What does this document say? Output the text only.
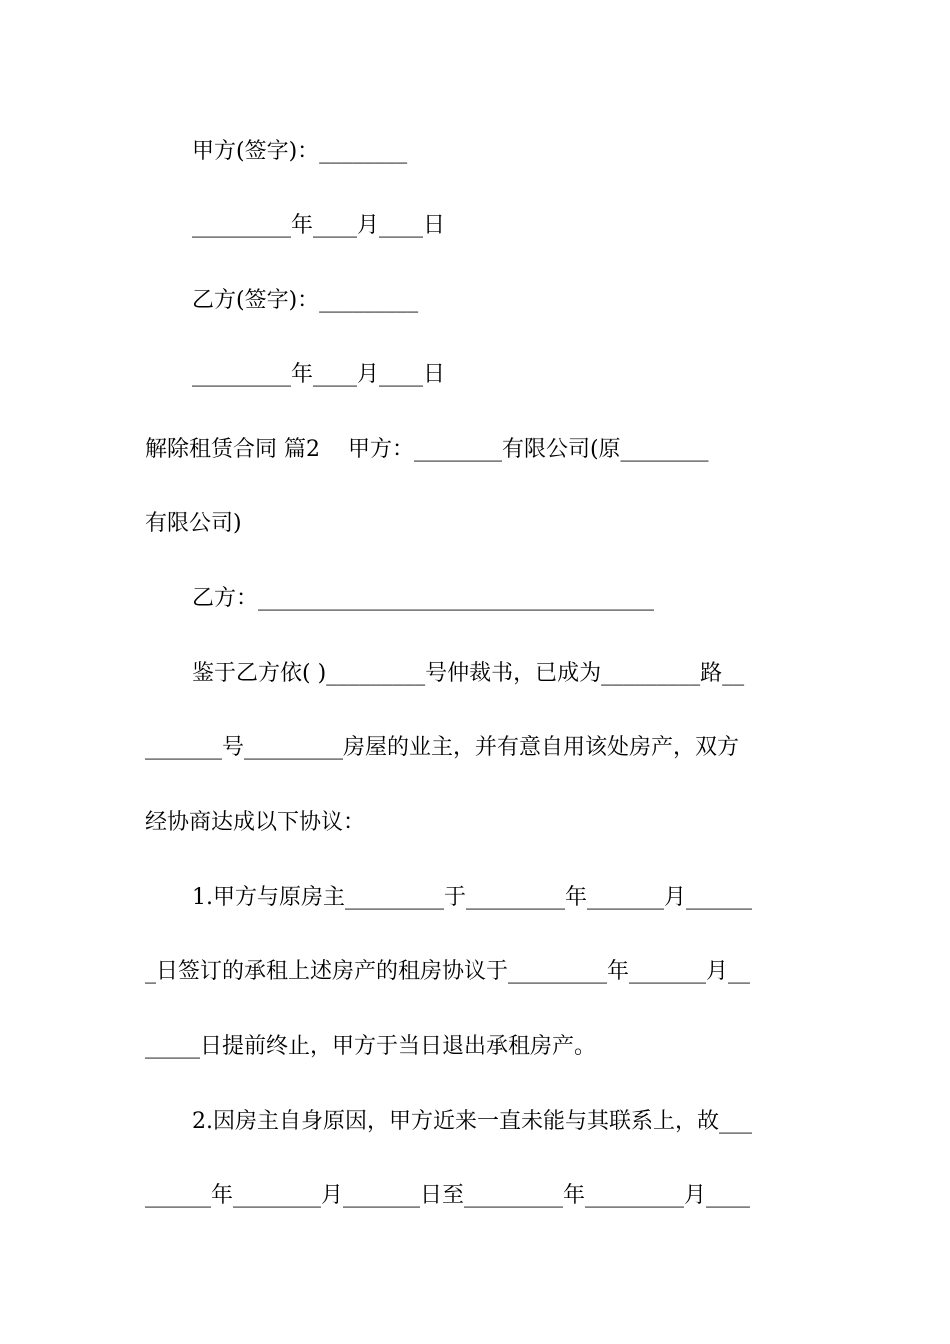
甲方(签字)：________
_________年____月____日
乙方(签字)：_________
_________年____月____日
解除租赁合同 篇2    甲方：________有限公司(原________
有限公司)
乙方：____________________________________
鉴于乙方依( )_________号仲裁书，已成为_________路__
_______号_________房屋的业主，并有意自用该处房产，双方
经协商达成以下协议：
1.甲方与原房主_________于_________年_______月______
_日签订的承租上述房产的租房协议于_________年_______月__
_____日提前终止，甲方于当日退出承租房产。
2.因房主自身原因，甲方近来一直未能与其联系上，故___
______年________月_______日至_________年_________月____
